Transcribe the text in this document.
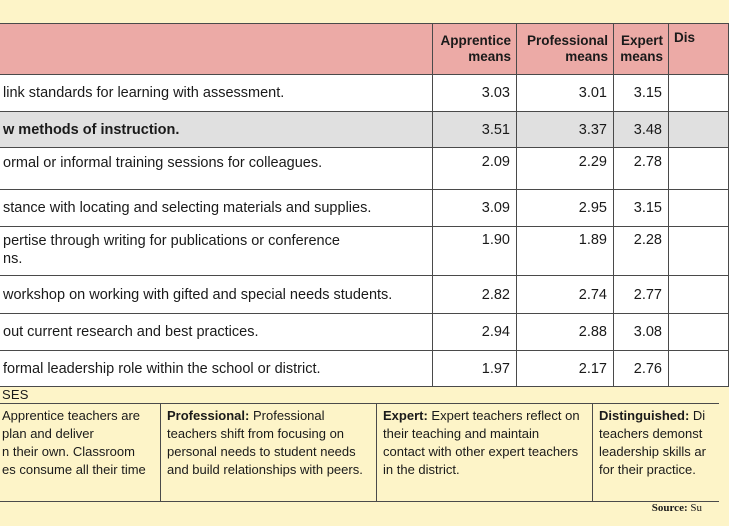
	Apprentice means	Professional means	Expert means	Dis
link standards for learning with assessment.	3.03	3.01	3.15	
w methods of instruction.	3.51	3.37	3.48	
ormal or informal training sessions for colleagues.	2.09	2.29	2.78	
stance with locating and selecting materials and supplies.	3.09	2.95	3.15	

pertise through writing for publications or conference
ns.	1.90	1.89	2.28	
workshop on working with gifted and special needs students.	2.82	2.74	2.77	
out current research and best practices.	2.94	2.88	3.08	
formal leadership role within the school or district.	1.97	2.17	2.76	
SES
Apprentice teachers are
plan and deliver
n their own. Classroom
es consume all their time
Professional: Professional
teachers shift from focusing on
personal needs to student needs
and build relationships with peers.
Expert: Expert teachers reflect on
their teaching and maintain
contact with other expert teachers
in the district.
Distinguished: Di
teachers demonst
leadership skills ar
for their practice.
Source: Su
